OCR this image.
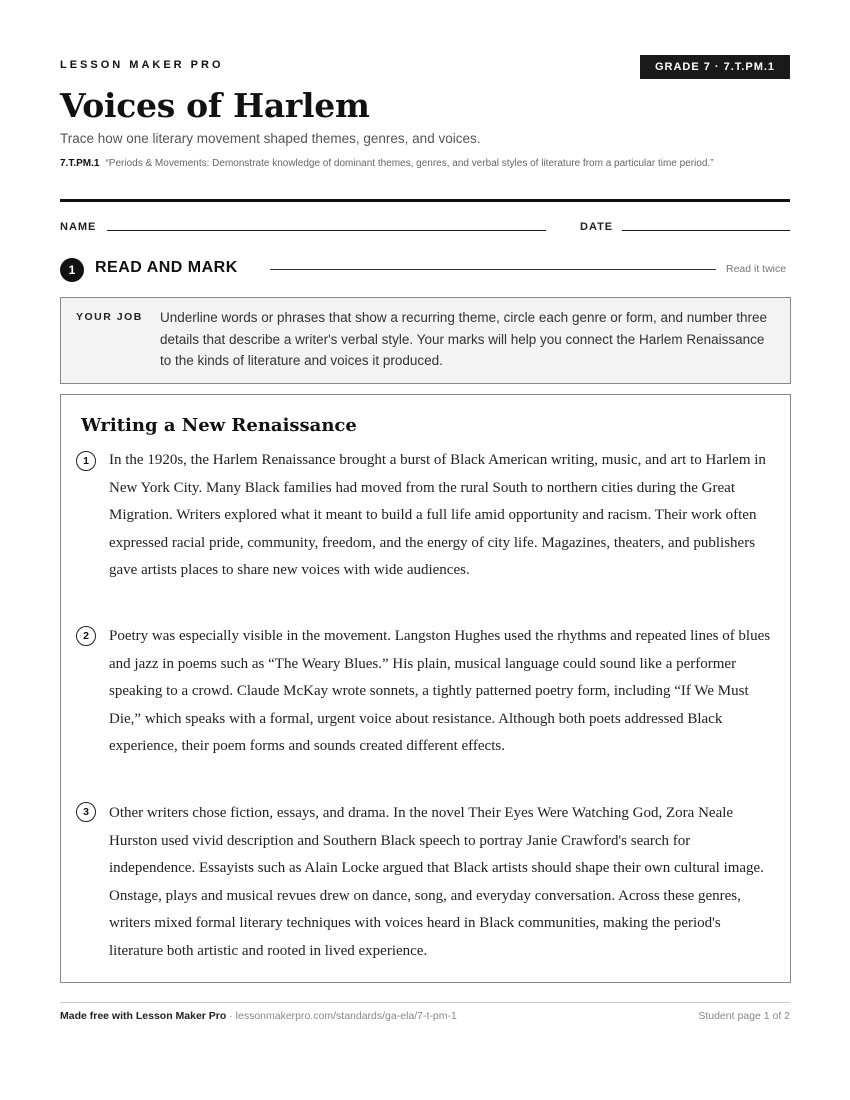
LESSON MAKER PRO	GRADE 7 · 7.T.PM.1
Voices of Harlem
Trace how one literary movement shaped themes, genres, and voices.
7.T.PM.1 “Periods & Movements: Demonstrate knowledge of dominant themes, genres, and verbal styles of literature from a particular time period.”
NAME	DATE
1	READ AND MARK	Read it twice
YOUR JOB Underline words or phrases that show a recurring theme, circle each genre or form, and number three details that describe a writer's verbal style. Your marks will help you connect the Harlem Renaissance to the kinds of literature and voices it produced.
Writing a New Renaissance
1	In the 1920s, the Harlem Renaissance brought a burst of Black American writing, music, and art to Harlem in New York City. Many Black families had moved from the rural South to northern cities during the Great Migration. Writers explored what it meant to build a full life amid opportunity and racism. Their work often expressed racial pride, community, freedom, and the energy of city life. Magazines, theaters, and publishers gave artists places to share new voices with wide audiences.

2	Poetry was especially visible in the movement. Langston Hughes used the rhythms and repeated lines of blues and jazz in poems such as “The Weary Blues.” His plain, musical language could sound like a performer speaking to a crowd. Claude McKay wrote sonnets, a tightly patterned poetry form, including “If We Must Die,” which speaks with a formal, urgent voice about resistance. Although both poets addressed Black experience, their poem forms and sounds created different effects.

3	Other writers chose fiction, essays, and drama. In the novel Their Eyes Were Watching God, Zora Neale Hurston used vivid description and Southern Black speech to portray Janie Crawford's search for independence. Essayists such as Alain Locke argued that Black artists should shape their own cultural image. Onstage, plays and musical revues drew on dance, song, and everyday conversation. Across these genres, writers mixed formal literary techniques with voices heard in Black communities, making the period's literature both artistic and rooted in lived experience.

Made free with Lesson Maker Pro · lessonmakerpro.com/standards/ga-ela/7-t-pm-1	Student page 1 of 2
